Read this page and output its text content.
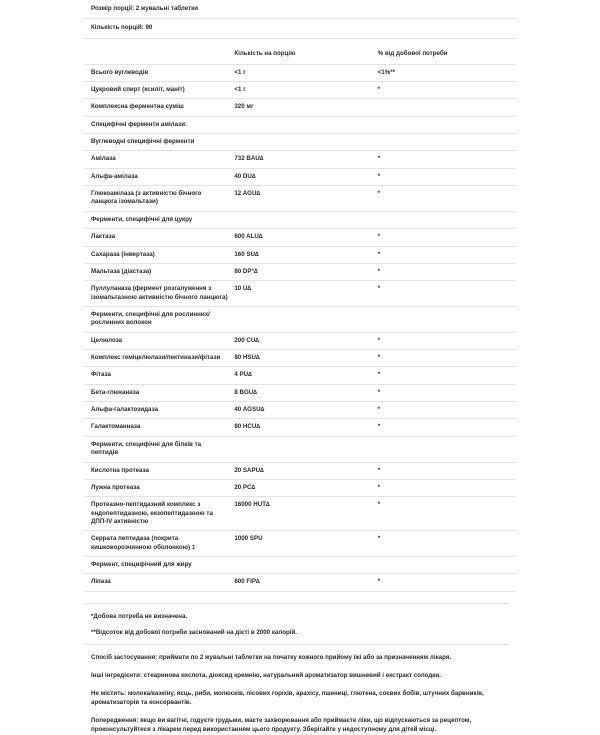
Розмір порції: 2 жувальні таблетки		
Кількість порцій: 90		

	Кількість на порцію	% від добової потреби
Всього вуглеводів	<1 г	<1%**
Цукровий спирт (ксиліт, маніт)	<1 г	*
Комплексна ферментна суміш	320 мг	
Специфічні ферменти амілази:		
Вуглеводні специфічні ферменти		
Амілаза	732 BAU∆	*
Альфа-амілаза	40 DU∆	*
Глюкоамілаза (з активністю бічного ланцюга ізомальтази)	12 AGU∆	*
Ферменти, специфічні для цукру		
Лактаза	600 ALU∆	*
Сахараза (інвертаза)	160 SU∆	*
Мальтаза (діастаза)	80 DP°∆	*
Пуллуланаза (фермент розгалуження з ізомальтазною активністю бічного ланцюга)	10 U∆	*
Ферменти, специфічні для рослинних/рослинних волокон		
Целюлоза	200 CU∆	*
Комплекс геміцелюлази/пектинази/фітази	80 HSU∆	*
Фітаза	4 PU∆	*
Бета-глюканаза	8 BGU∆	*
Альфа-галактозидаза	40 AGSU∆	*
Галактоманназа	80 HCU∆	*
Ферменти, специфічні для білків та пептидів		
Кислотна протеаза	20 SAPU∆	*
Лужна протеаза	20 PC∆	*
Протеазно-пептидазний комплекс з ендопептидазною, екзопептидазною та ДПП-IV активністю	16000 HUT∆	*
Серрата пептидаза (покрита кишковорозчинною оболонкою) ‡	1000 SPU	*
Фермент, специфічний для жиру		
Ліпаза	600 FIP∆	*
*Добова потреба не визначена.
**Відсоток від добової потреби заснований на дієті в 2000 калорій.
Спосіб застосування: приймати по 2 жувальні таблетки на початку кожного прийому їжі або за призначенням лікаря.
Інші інгредієнти: стеаринова кислота, діоксид кремнію, натуральний ароматизатор вишневий і екстракт солодки.
Не містить: молока/казеїну, яєць, риби, молюсків, лісових горіхів, арахісу, пшениці, глютена, соєвих бобів, штучних барвників, ароматизаторів та консервантів.
Попередження: якщо ви вагітні, годуєте грудьми, маєте захворювання або приймаєте ліки, що відпускаються за рецептом, проконсультуйтеся з лікарем перед використанням цього продукту. Зберігайте у недоступному для дітей місці.
